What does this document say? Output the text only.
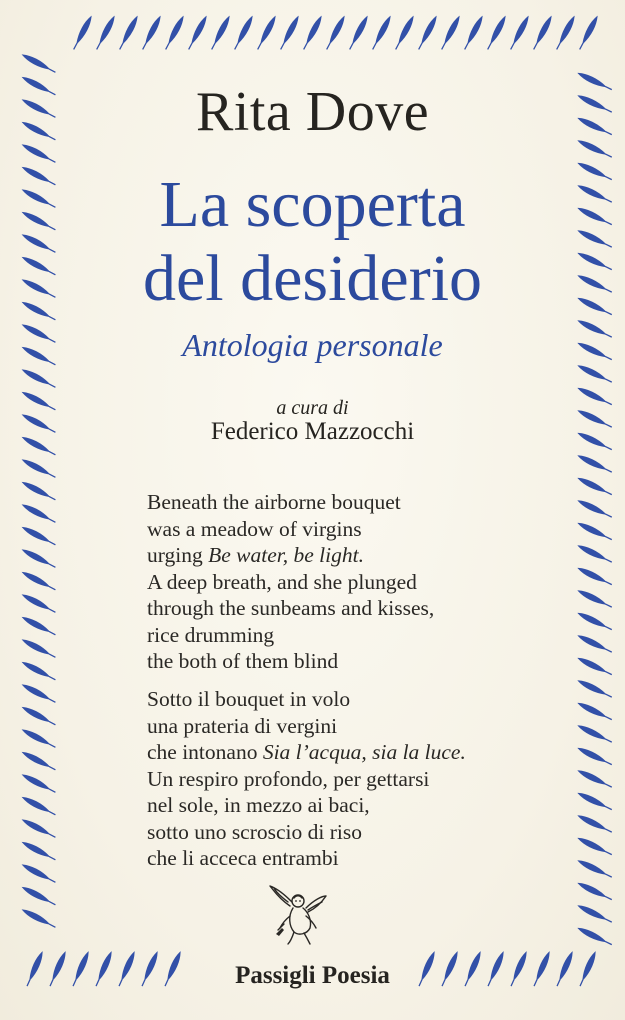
Rita Dove
La scoperta
del desiderio
Antologia personale
a cura di
Federico Mazzocchi
Beneath the airborne bouquet
was a meadow of virgins
urging Be water, be light.
A deep breath, and she plunged
through the sunbeams and kisses,
rice drumming
the both of them blind
Sotto il bouquet in volo
una prateria di vergini
che intonano Sia l’acqua, sia la luce.
Un respiro profondo, per gettarsi
nel sole, in mezzo ai baci,
sotto uno scroscio di riso
che li acceca entrambi
Passigli Poesia
